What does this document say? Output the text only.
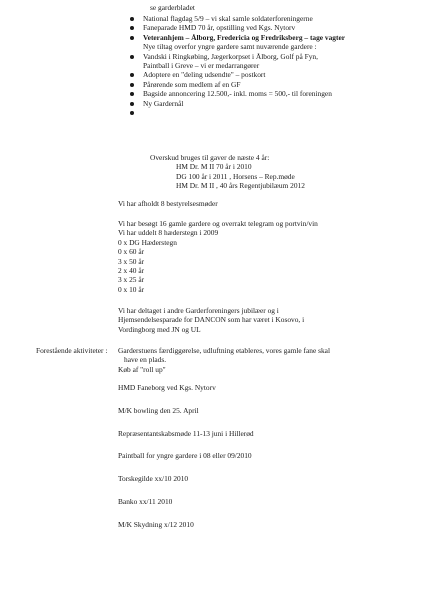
se garderbladet
National flagdag 5/9 – vi skal samle soldaterforeningerne
Faneparade HMD 70 år, opstilling ved Kgs. Nytorv
Veteranhjem – Ålborg, Fredericia og Fredriksberg – tage vagter
Nye tiltag overfor yngre gardere samt nuværende gardere :
Vandski i Ringkøbing, Jægerkorpset i Ålborg, Golf på Fyn,
Paintball i Greve – vi er medarrangører
Adoptere en "deling udsendte" – postkort
Pårørende som medlem af en GF
Bagside annoncering 12.500,- inkl. moms = 500,- til foreningen
Ny Gardernål

Overskud bruges til gaver de næste 4 år:
HM Dr. M II 70 år i 2010
DG 100 år i 2011 , Horsens – Rep.møde
HM Dr. M II , 40 års Regentjubilæum 2012
Vi har afholdt 8 bestyrelsesmøder
Vi har besøgt 16 gamle gardere og overrakt telegram og portvin/vin
Vi har uddelt 8 hæderstegn i 2009
0 x DG Hæderstegn
0 x 60 år
3 x 50 år
2 x 40 år
3 x 25 år
0 x 10 år
Vi har deltaget i andre Garderforeningers jubilæer og i
Hjemsendelsesparade for DANCON som har været i Kosovo, i
Vordingborg med JN og UL
Forestående aktiviteter : Garderstuens færdiggørelse, udluftning etableres, vores gamle fane skal
have en plads.
Køb af "roll up"
HMD Faneborg ved Kgs. Nytorv
M/K bowling den 25. April
Repræsentantskabsmøde 11-13 juni i Hillerød
Paintball for yngre gardere i 08 eller 09/2010
Torskegilde xx/10 2010
Banko xx/11 2010
M/K Skydning x/12 2010
